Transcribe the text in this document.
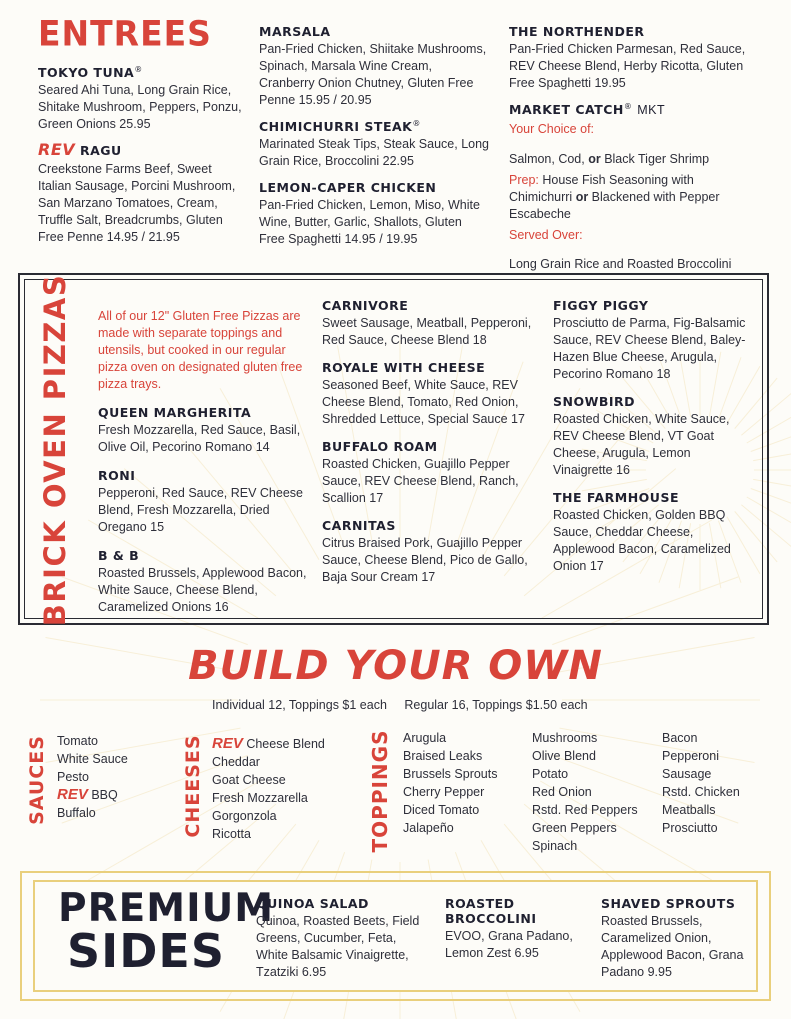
ENTREES

TOKYO TUNA®

Seared Ahi Tuna, Long Grain Rice, Shitake Mushroom, Peppers, Ponzu, Green Onions 25.95

REV RAGU

Creekstone Farms Beef, Sweet Italian Sausage, Porcini Mushroom, San Marzano Tomatoes, Cream, Truffle Salt, Breadcrumbs, Gluten Free Penne 14.95 / 21.95

MARSALA

Pan-Fried Chicken, Shiitake Mushrooms, Spinach, Marsala Wine Cream, Cranberry Onion Chutney, Gluten Free Penne 15.95 / 20.95

CHIMICHURRI STEAK®

Marinated Steak Tips, Steak Sauce, Long Grain Rice, Broccolini 22.95

LEMON-CAPER CHICKEN

Pan-Fried Chicken, Lemon, Miso, White Wine, Butter, Garlic, Shallots, Gluten Free Spaghetti 14.95 / 19.95

THE NORTHENDER

Pan-Fried Chicken Parmesan, Red Sauce, REV Cheese Blend, Herby Ricotta, Gluten Free Spaghetti 19.95

MARKET CATCH® MKT

Your Choice of:

Salmon, Cod, or Black Tiger Shrimp

Prep: House Fish Seasoning with Chimichurri or Blackened with Pepper Escabeche

Served Over:

Long Grain Rice and Roasted Broccolini

BRICK OVEN PIZZAS All of our 12" Gluten Free Pizzas are made with separate toppings and utensils, but cooked in our regular pizza oven on designated gluten free pizza trays.

QUEEN MARGHERITA

Fresh Mozzarella, Red Sauce, Basil, Olive Oil, Pecorino Romano 14

RONI

Pepperoni, Red Sauce, REV Cheese Blend, Fresh Mozzarella, Dried Oregano 15

B & B

Roasted Brussels, Applewood Bacon, White Sauce, Cheese Blend, Caramelized Onions 16

CARNIVORE

Sweet Sausage, Meatball, Pepperoni, Red Sauce, Cheese Blend 18

ROYALE WITH CHEESE

Seasoned Beef, White Sauce, REV Cheese Blend, Tomato, Red Onion, Shredded Lettuce, Special Sauce 17

BUFFALO ROAM

Roasted Chicken, Guajillo Pepper Sauce, REV Cheese Blend, Ranch, Scallion 17

CARNITAS

Citrus Braised Pork, Guajillo Pepper Sauce, Cheese Blend, Pico de Gallo, Baja Sour Cream 17

FIGGY PIGGY

Prosciutto de Parma, Fig-Balsamic Sauce, REV Cheese Blend, Baley-Hazen Blue Cheese, Arugula, Pecorino Romano 18

SNOWBIRD

Roasted Chicken, White Sauce, REV Cheese Blend, VT Goat Cheese, Arugula, Lemon Vinaigrette 16

THE FARMHOUSE

Roasted Chicken, Golden BBQ Sauce, Cheddar Cheese, Applewood Bacon, Caramelized Onion 17

BUILD YOUR OWN
Individual 12, Toppings $1 each Regular 16, Toppings $1.50 each
SAUCES Tomato
White Sauce
Pesto
REV BBQ
Buffalo	CHEESES REV Cheese Blend
Cheddar
Goat Cheese
Fresh Mozzarella
Gorgonzola
Ricotta	TOPPINGS Arugula
Braised Leaks
Brussels Sprouts
Cherry Pepper
Diced Tomato
Jalapeño
Mushrooms
Olive Blend
Potato
Red Onion
Rstd. Red Peppers
Green Peppers
Spinach
Bacon
Pepperoni
Sausage
Rstd. Chicken
Meatballs
Prosciutto
PREMIUM
SIDES

QUINOA SALAD

Quinoa, Roasted Beets, Field Greens, Cucumber, Feta, White Balsamic Vinaigrette, Tzatziki 6.95

ROASTED BROCCOLINI

EVOO, Grana Padano, Lemon Zest 6.95

SHAVED SPROUTS

Roasted Brussels, Caramelized Onion, Applewood Bacon, Grana Padano 9.95
